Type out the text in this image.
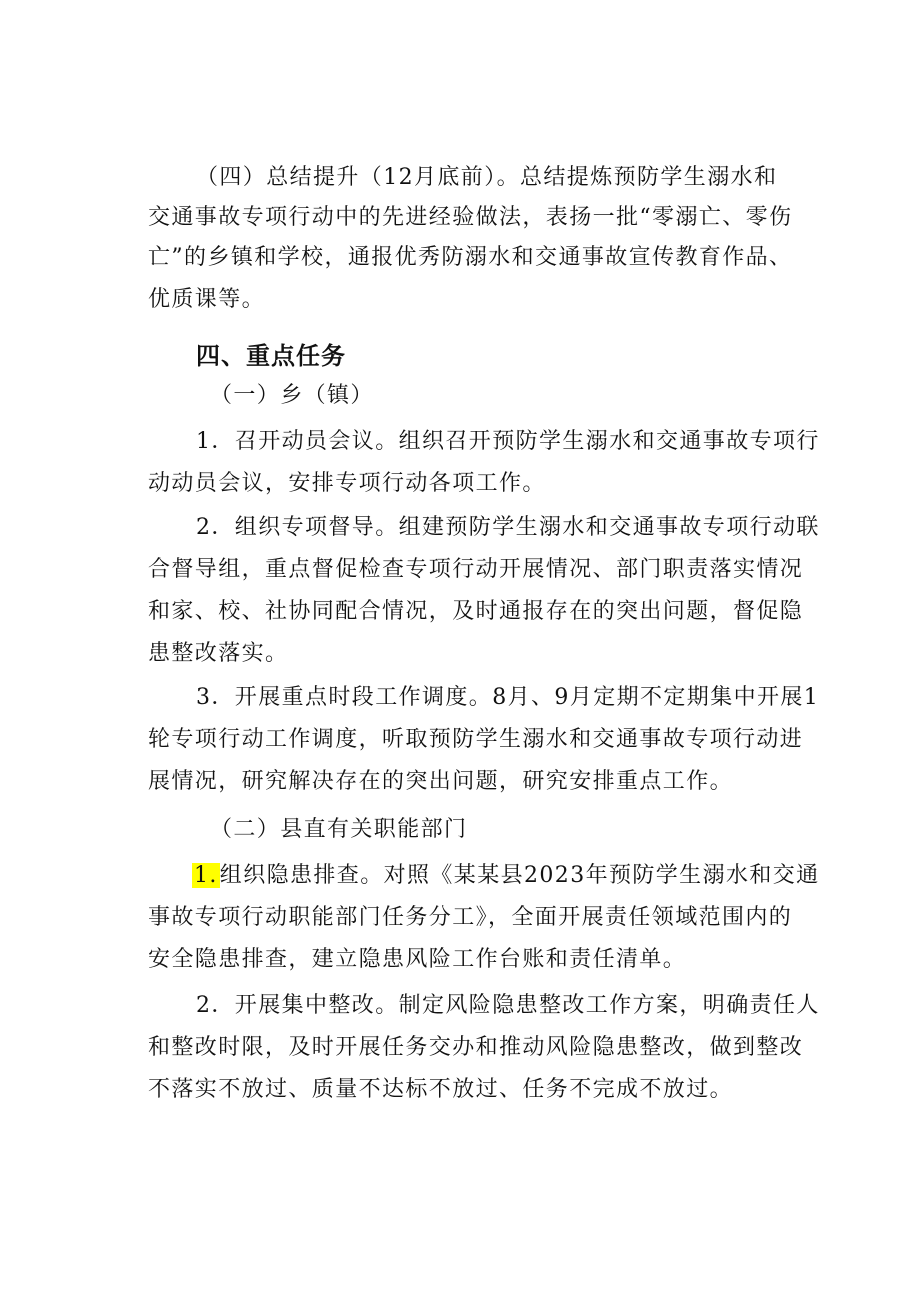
（四）总结提升（12月底前）。总结提炼预防学生溺水和

交通事故专项行动中的先进经验做法，表扬一批“零溺亡、零伤

亡”的乡镇和学校，通报优秀防溺水和交通事故宣传教育作品、

优质课等。

四、重点任务

（一）乡（镇）

1．召开动员会议。组织召开预防学生溺水和交通事故专项行

动动员会议，安排专项行动各项工作。

2．组织专项督导。组建预防学生溺水和交通事故专项行动联

合督导组，重点督促检查专项行动开展情况、部门职责落实情况

和家、校、社协同配合情况，及时通报存在的突出问题，督促隐

患整改落实。

3．开展重点时段工作调度。8月、9月定期不定期集中开展1

轮专项行动工作调度，听取预防学生溺水和交通事故专项行动进

展情况，研究解决存在的突出问题，研究安排重点工作。

（二）县直有关职能部门

1.组织隐患排查。对照《某某县2023年预防学生溺水和交通

事故专项行动职能部门任务分工》，全面开展责任领域范围内的

安全隐患排查，建立隐患风险工作台账和责任清单。

2．开展集中整改。制定风险隐患整改工作方案，明确责任人

和整改时限，及时开展任务交办和推动风险隐患整改，做到整改

不落实不放过、质量不达标不放过、任务不完成不放过。
